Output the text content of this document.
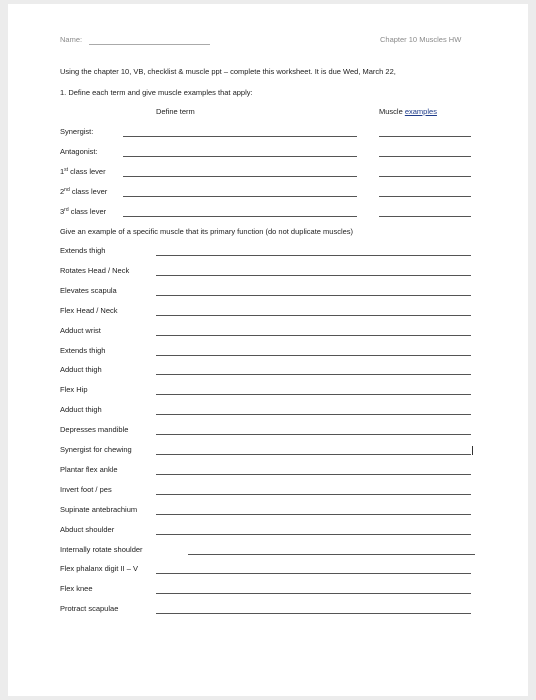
Name:	Chapter 10 Muscles HW
Using the chapter 10, VB, checklist & muscle ppt – complete this worksheet. It is due Wed, March 22,
1. Define each term and give muscle examples that apply:
Define term	Muscle examples
Synergist:
Antagonist:
1st class lever
2nd class lever
3rd class lever
Give an example of a specific muscle that its primary function (do not duplicate muscles)
Extends thigh
Rotates Head / Neck
Elevates scapula
Flex Head / Neck
Adduct wrist
Extends thigh
Adduct thigh
Flex Hip
Adduct thigh
Depresses mandible
Synergist for chewing
Plantar flex ankle
Invert foot / pes
Supinate antebrachium
Abduct shoulder
Internally rotate shoulder
Flex phalanx digit II – V
Flex knee
Protract scapulae
